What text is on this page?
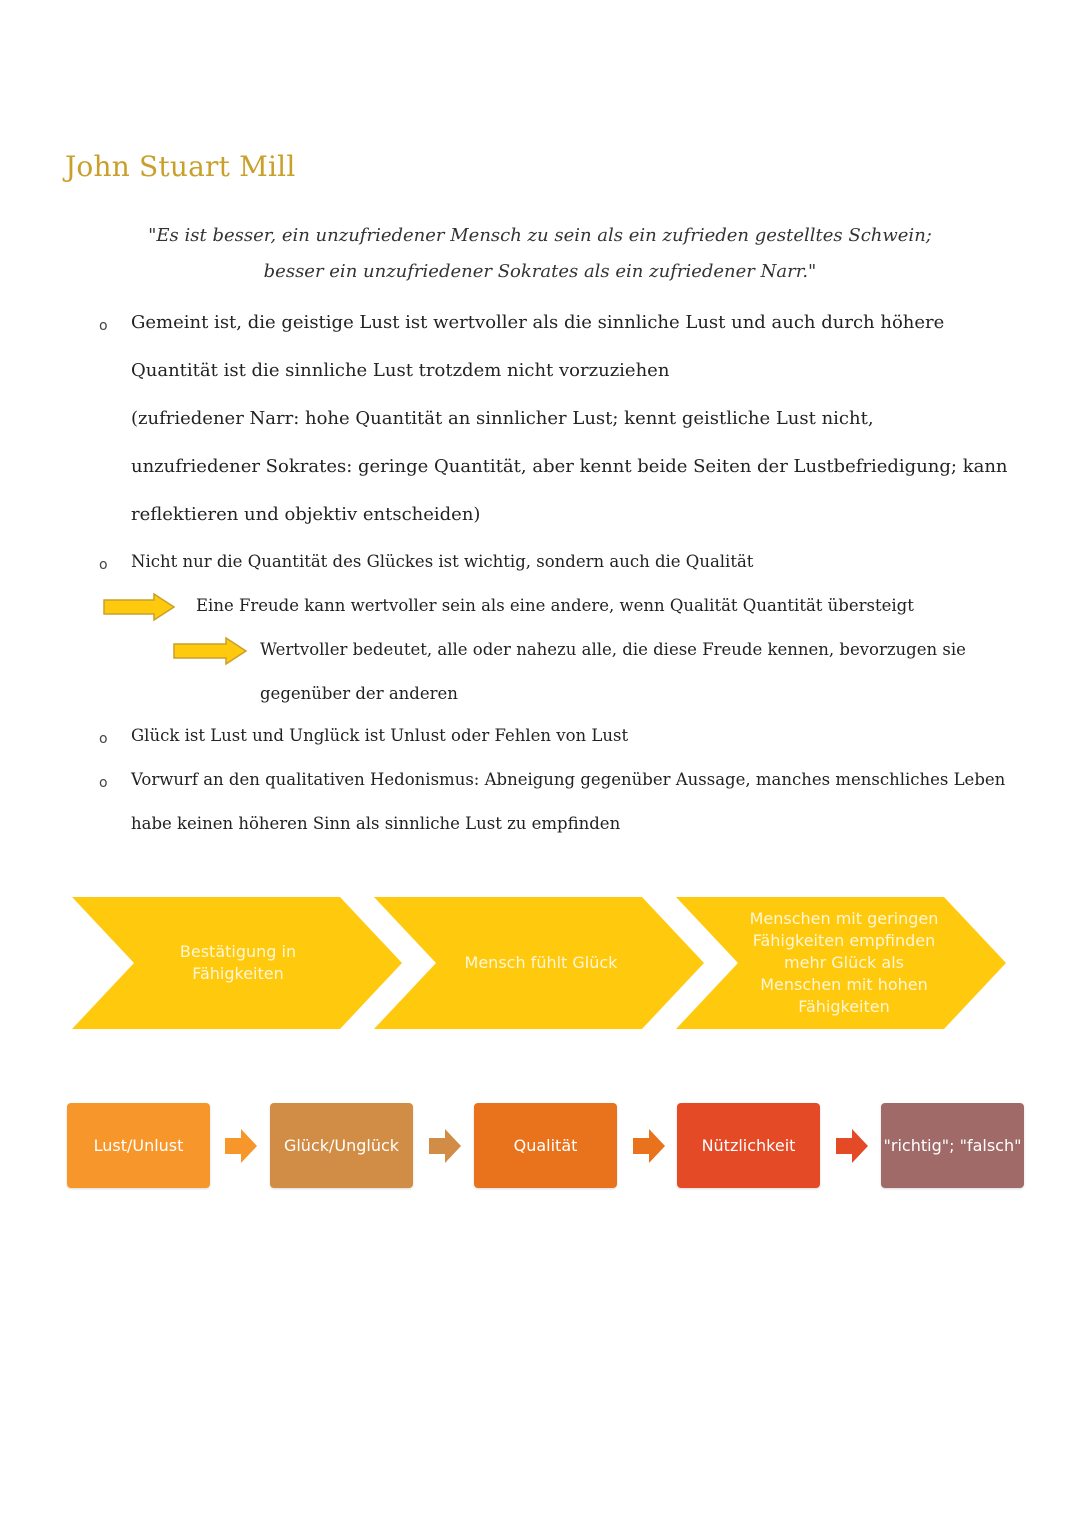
John Stuart Mill
"Es ist besser, ein unzufriedener Mensch zu sein als ein zufrieden gestelltes Schwein;
besser ein unzufriedener Sokrates als ein zufriedener Narr."
o Gemeint ist, die geistige Lust ist wertvoller als die sinnliche Lust und auch durch höhere
Quantität ist die sinnliche Lust trotzdem nicht vorzuziehen
(zufriedener Narr: hohe Quantität an sinnlicher Lust; kennt geistliche Lust nicht,
unzufriedener Sokrates: geringe Quantität, aber kennt beide Seiten der Lustbefriedigung; kann
reflektieren und objektiv entscheiden)
o Nicht nur die Quantität des Glückes ist wichtig, sondern auch die Qualität
Eine Freude kann wertvoller sein als eine andere, wenn Qualität Quantität übersteigt
Wertvoller bedeutet, alle oder nahezu alle, die diese Freude kennen, bevorzugen sie
gegenüber der anderen
o Glück ist Lust und Unglück ist Unlust oder Fehlen von Lust
o Vorwurf an den qualitativen Hedonismus: Abneigung gegenüber Aussage, manches menschliches Leben
habe keinen höheren Sinn als sinnliche Lust zu empfinden
Bestätigung in Fähigkeiten
Mensch fühlt Glück
Menschen mit geringen Fähigkeiten empfinden mehr Glück als Menschen mit hohen Fähigkeiten
Lust/Unlust	Glück/Unglück	Qualität	Nützlichkeit	"richtig"; "falsch"
